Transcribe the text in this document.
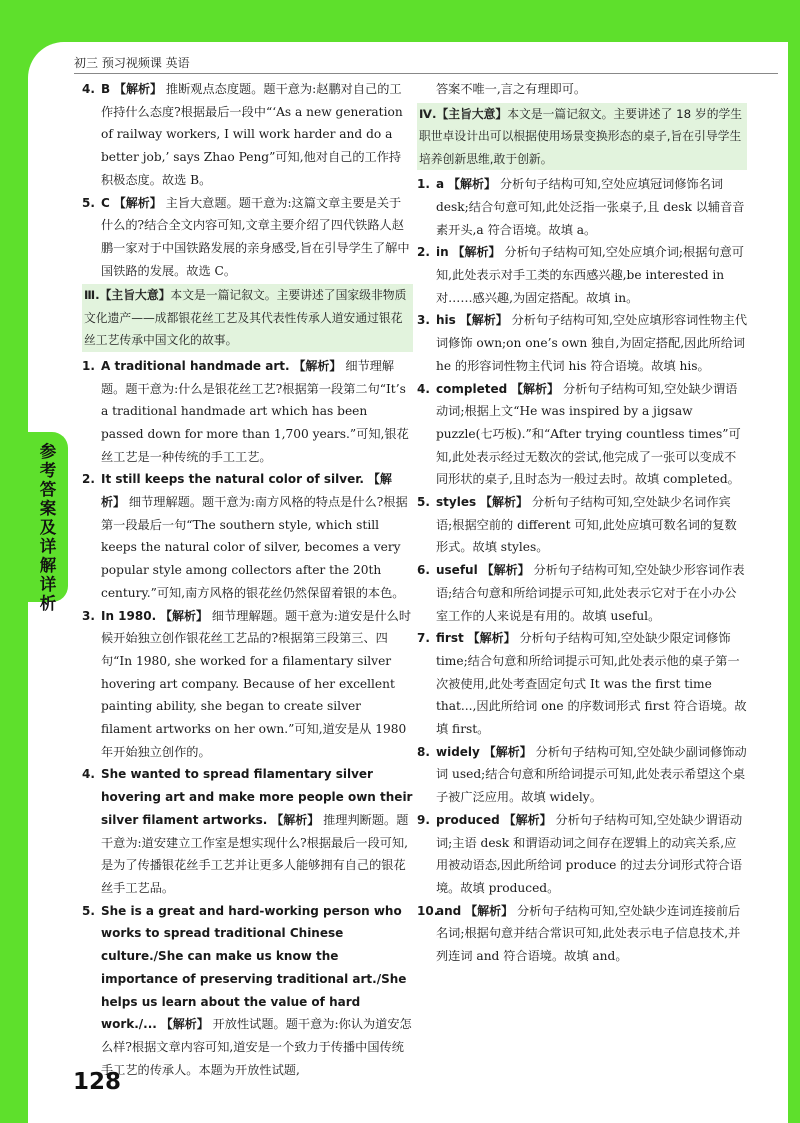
初三 预习视频课 英语
参考答案及详解详析

4. B 【解析】 推断观点态度题。题干意为:赵鹏对自己的工作持什么态度?根据最后一段中“‘As a new generation of railway workers, I will work harder and do a better job,’ says Zhao Peng”可知,他对自己的工作持积极态度。故选 B。

5. C 【解析】 主旨大意题。题干意为:这篇文章主要是关于什么的?结合全文内容可知,文章主要介绍了四代铁路人赵鹏一家对于中国铁路发展的亲身感受,旨在引导学生了解中国铁路的发展。故选 C。

Ⅲ.【主旨大意】本文是一篇记叙文。主要讲述了国家级非物质文化遗产——成都银花丝工艺及其代表性传承人道安通过银花丝工艺传承中国文化的故事。

1. A traditional handmade art. 【解析】 细节理解题。题干意为:什么是银花丝工艺?根据第一段第二句“It’s a traditional handmade art which has been passed down for more than 1,700 years.”可知,银花丝工艺是一种传统的手工工艺。

2. It still keeps the natural color of silver. 【解析】 细节理解题。题干意为:南方风格的特点是什么?根据第一段最后一句“The southern style, which still keeps the natural color of silver, becomes a very popular style among collectors after the 20th century.”可知,南方风格的银花丝仍然保留着银的本色。

3. In 1980. 【解析】 细节理解题。题干意为:道安是什么时候开始独立创作银花丝工艺品的?根据第三段第三、四句“In 1980, she worked for a filamentary silver hovering art company. Because of her excellent painting ability, she began to create silver filament artworks on her own.”可知,道安是从 1980 年开始独立创作的。

4. She wanted to spread filamentary silver hovering art and make more people own their silver filament artworks. 【解析】 推理判断题。题干意为:道安建立工作室是想实现什么?根据最后一段可知,是为了传播银花丝手工艺并让更多人能够拥有自己的银花丝手工艺品。

5. She is a great and hard-working person who works to spread traditional Chinese culture./She can make us know the importance of preserving traditional art./She helps us learn about the value of hard work./... 【解析】 开放性试题。题干意为:你认为道安怎么样?根据文章内容可知,道安是一个致力于传播中国传统手工艺的传承人。本题为开放性试题,

答案不唯一,言之有理即可。

Ⅳ.【主旨大意】本文是一篇记叙文。主要讲述了 18 岁的学生职世卓设计出可以根据使用场景变换形态的桌子,旨在引导学生培养创新思维,敢于创新。

1. a 【解析】 分析句子结构可知,空处应填冠词修饰名词 desk;结合句意可知,此处泛指一张桌子,且 desk 以辅音音素开头,a 符合语境。故填 a。

2. in 【解析】 分析句子结构可知,空处应填介词;根据句意可知,此处表示对手工类的东西感兴趣,be interested in 对……感兴趣,为固定搭配。故填 in。

3. his 【解析】 分析句子结构可知,空处应填形容词性物主代词修饰 own;on one’s own 独自,为固定搭配,因此所给词 he 的形容词性物主代词 his 符合语境。故填 his。

4. completed 【解析】 分析句子结构可知,空处缺少谓语动词;根据上文“He was inspired by a jigsaw puzzle(七巧板).”和“After trying countless times”可知,此处表示经过无数次的尝试,他完成了一张可以变成不同形状的桌子,且时态为一般过去时。故填 completed。

5. styles 【解析】 分析句子结构可知,空处缺少名词作宾语;根据空前的 different 可知,此处应填可数名词的复数形式。故填 styles。

6. useful 【解析】 分析句子结构可知,空处缺少形容词作表语;结合句意和所给词提示可知,此处表示它对于在小办公室工作的人来说是有用的。故填 useful。

7. first 【解析】 分析句子结构可知,空处缺少限定词修饰 time;结合句意和所给词提示可知,此处表示他的桌子第一次被使用,此处考查固定句式 It was the first time that...,因此所给词 one 的序数词形式 first 符合语境。故填 first。

8. widely 【解析】 分析句子结构可知,空处缺少副词修饰动词 used;结合句意和所给词提示可知,此处表示希望这个桌子被广泛应用。故填 widely。

9. produced 【解析】 分析句子结构可知,空处缺少谓语动词;主语 desk 和谓语动词之间存在逻辑上的动宾关系,应用被动语态,因此所给词 produce 的过去分词形式符合语境。故填 produced。

10.
and 【解析】 分析句子结构可知,空处缺少连词连接前后名词;根据句意并结合常识可知,此处表示电子信息技术,并列连词 and 符合语境。故填 and。

128
